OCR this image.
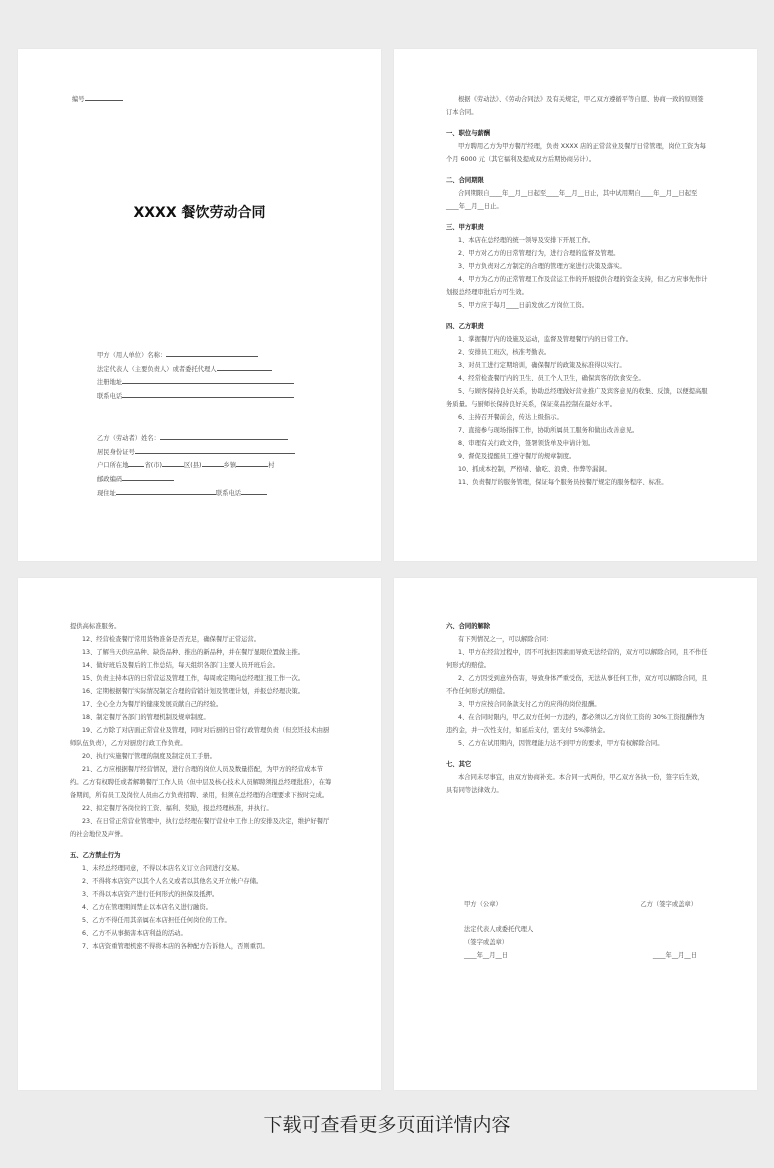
编号
XXXX 餐饮劳动合同

甲方（用人单位）名称：

法定代表人（主要负责人）或者委托代理人

注册地址

联系电话

乙方（劳动者）姓名：

居民身份证号

户口所在地	省(市)	区(县)	乡镇	村

邮政编码

现住址	联系电话

根据《劳动法》、《劳动合同法》及有关规定，甲乙双方遵循平等自愿、协商一致的原则签订本合同。

一、职位与薪酬

甲方聘用乙方为甲方餐厅经理，负责 XXXX 店的正常营业及餐厅日常管理，岗位工资为每个月 6000 元（其它福利及提成双方后期协商另计）。

二、合同期限

合同期限自____年__月__日起至____年__月__日止，其中试用期自____年__月__日起至____年__月__日止。

三、甲方职责

1、本店在总经理的统一领导及安排下开展工作。

2、甲方对乙方的日常管理行为，进行合理的监督及管理。

3、甲方负责对乙方制定的合理的管理方案进行决策及落实。

4、甲方为乙方的正常管理工作及营运工作的开展提供合理的资金支持，但乙方应事先作计划报总经理审批后方可生效。

5、甲方应于每月____日前发放乙方岗位工资。

四、乙方职责

1、掌握餐厅内的设施及运动，监督及管理餐厅内的日常工作。

2、安排员工班次，核准考勤表。

3、对员工进行定期培训，确保餐厅的政策及标准得以实行。

4、经常检查餐厅内的卫生、员工个人卫生，确保宾客的饮食安全。

5、与顾客保持良好关系，协助总经理做好营业推广及宾客意见的收集、反馈，以便提高服务质量。与厨师长保持良好关系，保证菜品控制在最好水平。

6、主持召开餐前会，传达上级指示。

7、直接参与现场指挥工作，协助所属员工服务和做出改善意见。

8、审理有关行政文件，签署领货单及申请计划。

9、督促及提醒员工遵守餐厅的规章制度。

10、抓成本控制，严格堵、偷吃、浪费、作弊等漏洞。

11、负责餐厅的服务管理，保证每个服务员按餐厅规定的服务程序、标准。

提供高标准服务。

12、经营检查餐厅常用货物准备是否充足，确保餐厅正常运营。

13、了解当天供应品种、缺货品种、推出的新品种，并在餐厅显眼位置做主推。

14、做好班后及餐后的工作总结，每天组织各部门主要人员开班后会。

15、负责主持本店的日常营运及管理工作，每周或定期向总经理汇报工作一次。

16、定期根据餐厅实际情况制定合理的营销计划及管理计划，并报总经理决策。

17、全心全力为餐厅的健康发展贡献自己的经验。

18、制定餐厅各部门的管理机制及规章制度。

19、乙方除了对店面正常营业及管理，同时对后厨的日常行政管理负责（但烹饪技术由厨师队伍负责），乙方对厨房行政工作负责。

20、执行实施餐厅管理的制度及制定员工手册。

21、乙方应根据餐厅经营情况，进行合理的岗位人员及数量搭配，为甲方的经营成本节约。乙方有权聘任或者解聘餐厅工作人员（但中层及核心技术人员解聘须报总经理批准），在筹备期间，所有员工及岗位人员由乙方负责招聘、录用，但须在总经理的合理要求下按时完成。

22、拟定餐厅各岗位的工资、福利、奖励，报总经理核准，并执行。

23、在日常正常营业管理中，执行总经理在餐厅营业中工作上的安排及决定，维护好餐厅的社会地位及声誉。

五、乙方禁止行为

1、未经总经理同意，不得以本店名义订立合同进行交易。

2、不得将本店资产以其个人名义或者以其他名义开立帐户存储。

3、不得以本店资产进行任何形式的担保及抵押。

4、乙方在管理期间禁止以本店名义进行融资。

5、乙方不得任用其亲属在本店担任任何岗位的工作。

6、乙方不从事损害本店利益的活动。

7、本店资重管理机密不得将本店的各种配方告诉他人，否则重罚。

六、合同的解除

有下列情况之一，可以解除合同：

1、甲方在经营过程中，因不可抗拒因素而导致无法经营的，双方可以解除合同，且不作任何形式的赔偿。

2、乙方因受到意外伤害，导致身体严重受伤，无法从事任何工作，双方可以解除合同，且不作任何形式的赔偿。

3、甲方应按合同条款支付乙方的应得的岗位报酬。

4、在合同时限内，甲乙双方任何一方违约，都必须以乙方岗位工资的 30%工资报酬作为违约金，并一次性支付，如延后支付，需支付 5%滞纳金。

5、乙方在试用期内，因管理能力达不到甲方的要求，甲方有权解除合同。

七、其它

本合同未尽事宜，由双方协商补充。本合同一式两份，甲乙双方各执一份，签字后生效，具有同等法律效力。

甲方（公章）	乙方（签字或盖章）

法定代表人或委托代理人

（签字或盖章）

____年__月__日	____年__月__日
下载可查看更多页面详情内容
